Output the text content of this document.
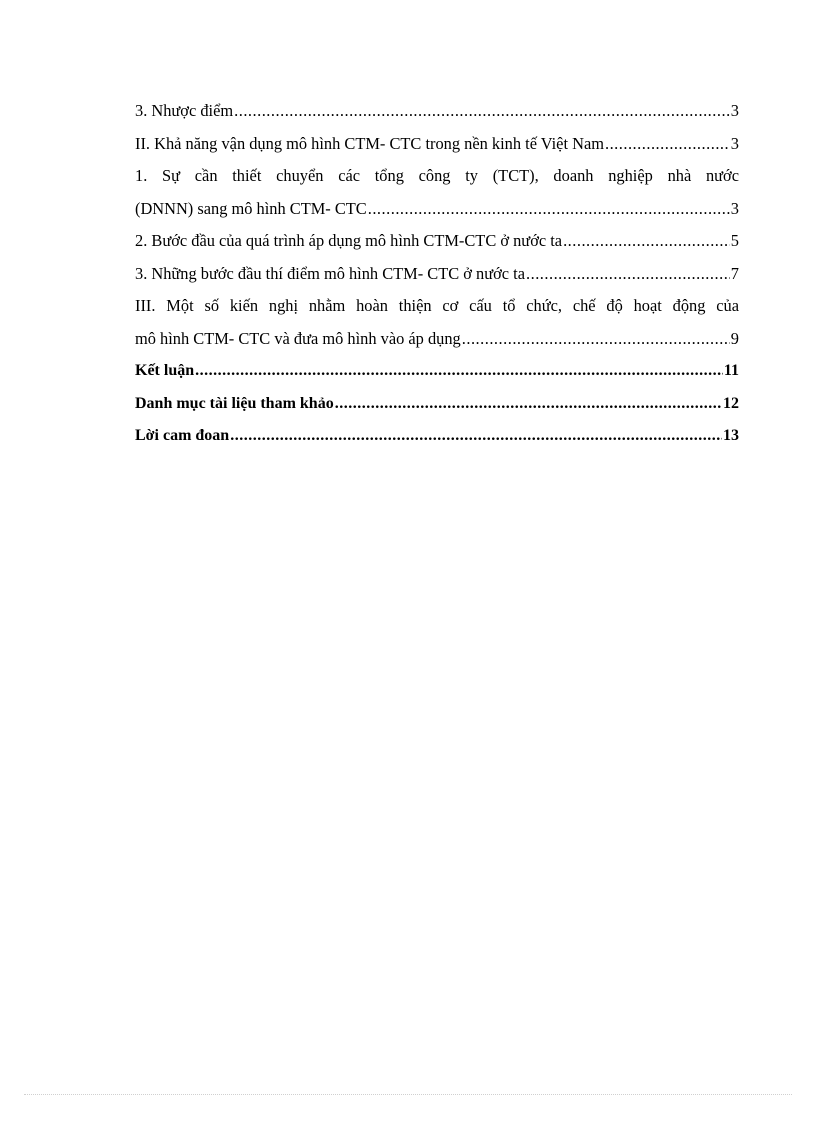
3. Nhược điểm .....	3
II. Khả năng vận dụng mô hình CTM- CTC trong nền kinh tế Việt Nam .....	3
1. Sự cần thiết chuyển các tổng công ty (TCT), doanh nghiệp nhà nước
(DNNN) sang mô hình CTM- CTC .....	3
2. Bước đầu của quá trình áp dụng mô hình CTM-CTC ở nước ta .....	5
3. Những bước đầu thí điểm mô hình CTM- CTC ở nước ta .....	7
III. Một số kiến nghị nhằm hoàn thiện cơ cấu tổ chức, chế độ hoạt động của
mô hình CTM- CTC và đưa mô hình vào áp dụng .....	9
Kết luận .....	11
Danh mục tài liệu tham khảo .....	12
Lời cam đoan .....	13
